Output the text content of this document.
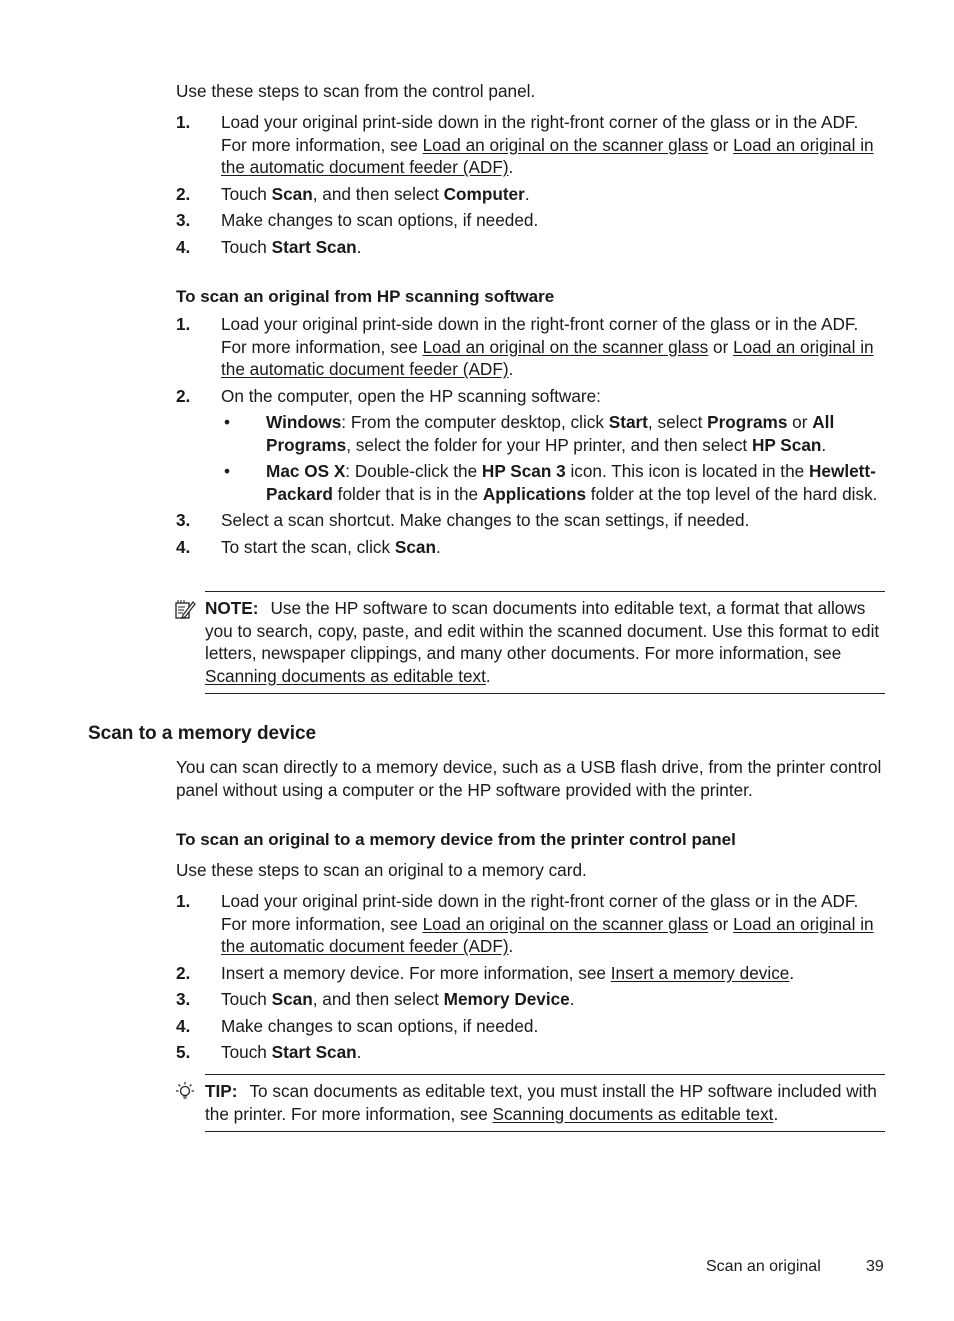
Use these steps to scan from the control panel.

1. Load your original print-side down in the right-front corner of the glass or in the ADF. For more information, see Load an original on the scanner glass or Load an original in the automatic document feeder (ADF).
2. Touch Scan, and then select Computer.
3. Make changes to scan options, if needed.
4. Touch Start Scan.
To scan an original from HP scanning software
1. Load your original print-side down in the right-front corner of the glass or in the ADF. For more information, see Load an original on the scanner glass or Load an original in the automatic document feeder (ADF).
2. On the computer, open the HP scanning software:
• Windows: From the computer desktop, click Start, select Programs or All Programs, select the folder for your HP printer, and then select HP Scan.
• Mac OS X: Double-click the HP Scan 3 icon. This icon is located in the Hewlett-Packard folder that is in the Applications folder at the top level of the hard disk.
3. Select a scan shortcut. Make changes to the scan settings, if needed.
4. To start the scan, click Scan.
NOTE: Use the HP software to scan documents into editable text, a format that allows you to search, copy, paste, and edit within the scanned document. Use this format to edit letters, newspaper clippings, and many other documents. For more information, see Scanning documents as editable text.
Scan to a memory device

You can scan directly to a memory device, such as a USB flash drive, from the printer control panel without using a computer or the HP software provided with the printer.

To scan an original to a memory device from the printer control panel

Use these steps to scan an original to a memory card.

1. Load your original print-side down in the right-front corner of the glass or in the ADF. For more information, see Load an original on the scanner glass or Load an original in the automatic document feeder (ADF).
2. Insert a memory device. For more information, see Insert a memory device.
3. Touch Scan, and then select Memory Device.
4. Make changes to scan options, if needed.
5. Touch Start Scan.
TIP: To scan documents as editable text, you must install the HP software included with the printer. For more information, see Scanning documents as editable text.
Scan an original	39
